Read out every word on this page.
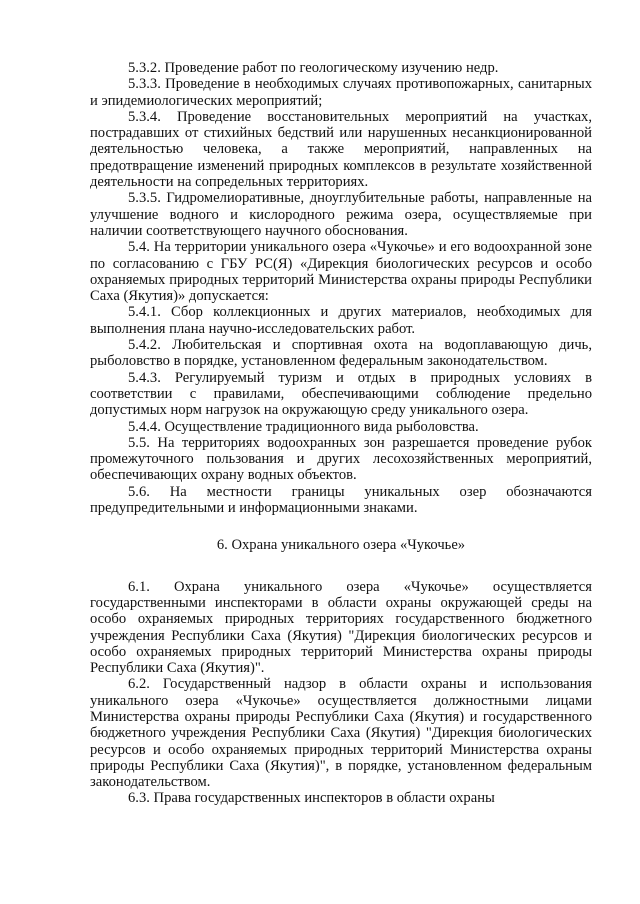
5.3.2. Проведение работ по геологическому изучению недр.

5.3.3. Проведение в необходимых случаях противопожарных, санитарных и эпидемиологических мероприятий;

5.3.4. Проведение восстановительных мероприятий на участках, пострадавших от стихийных бедствий или нарушенных несанкционированной деятельностью человека, а также мероприятий, направленных на предотвращение изменений природных комплексов в результате хозяйственной деятельности на сопредельных территориях.

5.3.5. Гидромелиоративные, дноуглубительные работы, направленные на улучшение водного и кислородного режима озера, осуществляемые при наличии соответствующего научного обоснования.

5.4. На территории уникального озера «Чукочье» и его водоохранной зоне по согласованию с ГБУ РС(Я) «Дирекция биологических ресурсов и особо охраняемых природных территорий Министерства охраны природы Республики Саха (Якутия)» допускается:

5.4.1. Сбор коллекционных и других материалов, необходимых для выполнения плана научно-исследовательских работ.

5.4.2. Любительская и спортивная охота на водоплавающую дичь, рыболовство в порядке, установленном федеральным законодательством.

5.4.3. Регулируемый туризм и отдых в природных условиях в соответствии с правилами, обеспечивающими соблюдение предельно допустимых норм нагрузок на окружающую среду уникального озера.

5.4.4. Осуществление традиционного вида рыболовства.

5.5. На территориях водоохранных зон разрешается проведение рубок промежуточного пользования и других лесохозяйственных мероприятий, обеспечивающих охрану водных объектов.

5.6. На местности границы уникальных озер обозначаются предупредительными и информационными знаками.

6. Охрана уникального озера «Чукочье»

6.1. Охрана уникального озера «Чукочье» осуществляется государственными инспекторами в области охраны окружающей среды на особо охраняемых природных территориях государственного бюджетного учреждения Республики Саха (Якутия) "Дирекция биологических ресурсов и особо охраняемых природных территорий Министерства охраны природы Республики Саха (Якутия)".

6.2. Государственный надзор в области охраны и использования уникального озера «Чукочье» осуществляется должностными лицами Министерства охраны природы Республики Саха (Якутия) и государственного бюджетного учреждения Республики Саха (Якутия) "Дирекция биологических ресурсов и особо охраняемых природных территорий Министерства охраны природы Республики Саха (Якутия)", в порядке, установленном федеральным законодательством.

6.3. Права государственных инспекторов в области охраны
